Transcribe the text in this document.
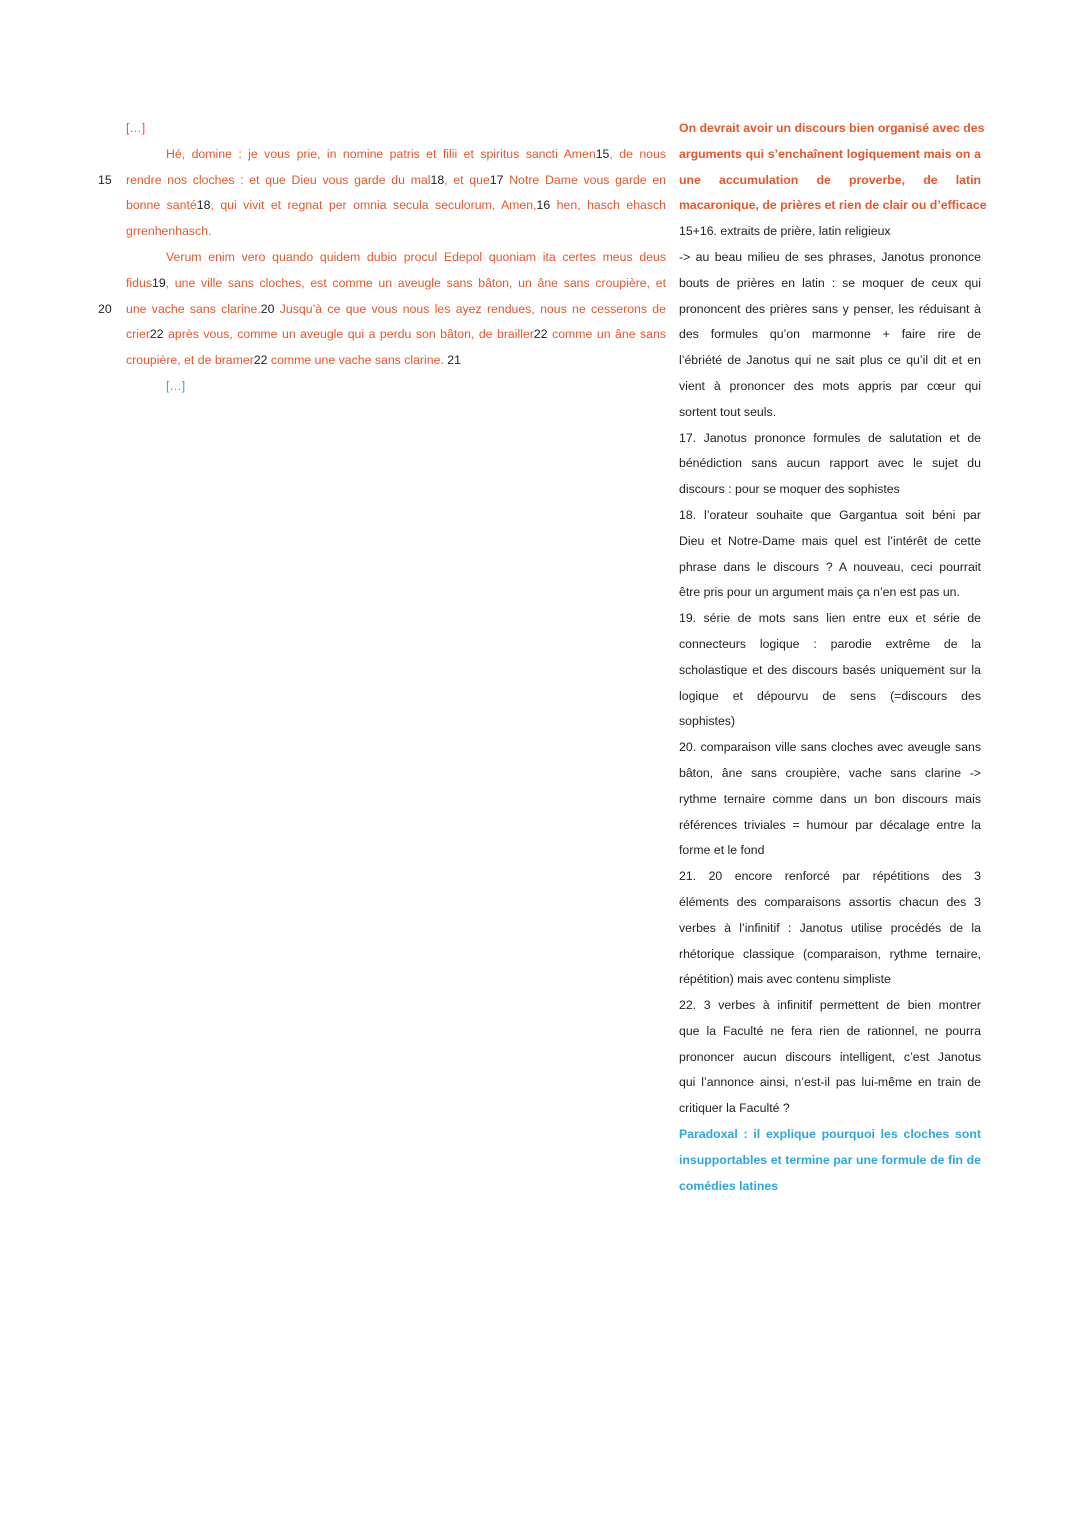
[…]
Hé, domine : je vous prie, in nomine patris et filii et spiritus sancti Amen15, de nous
15 rendre nos cloches : et que Dieu vous garde du mal18, et que17 Notre Dame vous garde en
bonne santé18, qui vivit et regnat per omnia secula seculorum, Amen,16 hen, hasch ehasch
grrenhenhasch.
Verum enim vero quando quidem dubio procul Edepol quoniam ita certes meus deus
fidus19, une ville sans cloches, est comme un aveugle sans bâton, un âne sans croupière, et
20 une vache sans clarine.20 Jusqu’à ce que vous nous les ayez rendues, nous ne cesserons de
crier22 après vous, comme un aveugle qui a perdu son bâton, de brailler22 comme un âne sans
croupière, et de bramer22 comme une vache sans clarine. 21
[…]
On devrait avoir un discours bien organisé avec des
arguments qui s’enchaînent logiquement mais on a
une accumulation de proverbe, de latin
macaronique, de prières et rien de clair ou d’efficace
15+16. extraits de prière, latin religieux
-> au beau milieu de ses phrases, Janotus prononce
bouts de prières en latin : se moquer de ceux qui
prononcent des prières sans y penser, les réduisant à
des formules qu’on marmonne + faire rire de
l’ébriété de Janotus qui ne sait plus ce qu’il dit et en
vient à prononcer des mots appris par cœur qui
sortent tout seuls.
17. Janotus prononce formules de salutation et de
bénédiction sans aucun rapport avec le sujet du
discours : pour se moquer des sophistes
18. l’orateur souhaite que Gargantua soit béni par
Dieu et Notre-Dame mais quel est l’intérêt de cette
phrase dans le discours ? A nouveau, ceci pourrait
être pris pour un argument mais ça n’en est pas un.
19. série de mots sans lien entre eux et série de
connecteurs logique : parodie extrême de la
scholastique et des discours basés uniquement sur la
logique et dépourvu de sens (=discours des
sophistes)
20. comparaison ville sans cloches avec aveugle sans
bâton, âne sans croupière, vache sans clarine ->
rythme ternaire comme dans un bon discours mais
références triviales = humour par décalage entre la
forme et le fond
21. 20 encore renforcé par répétitions des 3
éléments des comparaisons assortis chacun des 3
verbes à l’infinitif : Janotus utilise procédés de la
rhétorique classique (comparaison, rythme ternaire,
répétition) mais avec contenu simpliste
22. 3 verbes à infinitif permettent de bien montrer
que la Faculté ne fera rien de rationnel, ne pourra
prononcer aucun discours intelligent, c’est Janotus
qui l’annonce ainsi, n’est-il pas lui-même en train de
critiquer la Faculté ?
Paradoxal : il explique pourquoi les cloches sont
insupportables et termine par une formule de fin de
comédies latines
